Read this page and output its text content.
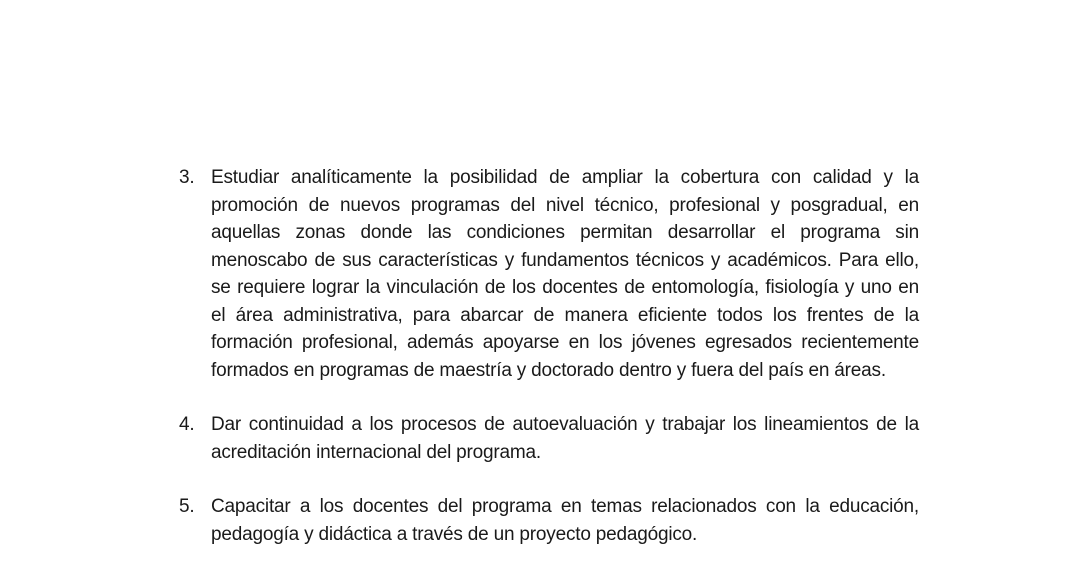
3. Estudiar analíticamente la posibilidad de ampliar la cobertura con calidad y la promoción de nuevos programas del nivel técnico, profesional y posgradual, en aquellas zonas donde las condiciones permitan desarrollar el programa sin menoscabo de sus características y fundamentos técnicos y académicos. Para ello, se requiere lograr la vinculación de los docentes de entomología, fisiología y uno en el área administrativa, para abarcar de manera eficiente todos los frentes de la formación profesional, además apoyarse en los jóvenes egresados recientemente formados en programas de maestría y doctorado dentro y fuera del país en áreas.
4. Dar continuidad a los procesos de autoevaluación y trabajar los lineamientos de la acreditación internacional del programa.
5. Capacitar a los docentes del programa en temas relacionados con la educación, pedagogía y didáctica a través de un proyecto pedagógico.
